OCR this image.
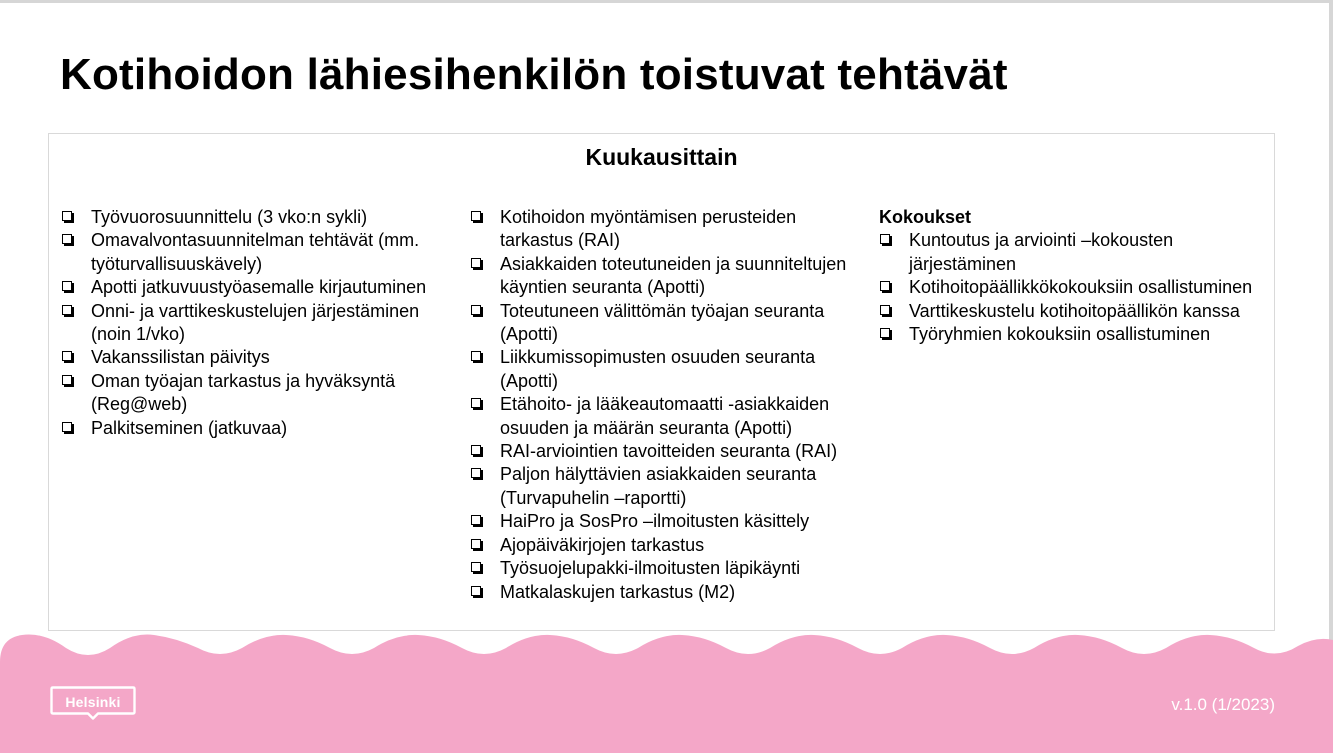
Kotihoidon lähiesihenkilön toistuvat tehtävät
Kuukausittain
Työvuorosuunnittelu (3 vko:n sykli)
Omavalvontasuunnitelman tehtävät (mm. työturvallisuuskävely)
Apotti jatkuvuustyöasemalle kirjautuminen
Onni- ja varttikeskustelujen järjestäminen (noin 1/vko)
Vakanssilistan päivitys
Oman työajan tarkastus ja hyväksyntä (Reg@web)
Palkitseminen (jatkuvaa)
Kotihoidon myöntämisen perusteiden tarkastus (RAI)
Asiakkaiden toteutuneiden ja suunniteltujen käyntien seuranta (Apotti)
Toteutuneen välittömän työajan seuranta (Apotti)
Liikkumissopimusten osuuden seuranta (Apotti)
Etähoito- ja lääkeautomaatti -asiakkaiden osuuden ja määrän seuranta (Apotti)
RAI-arviointien tavoitteiden seuranta (RAI)
Paljon hälyttävien asiakkaiden seuranta (Turvapuhelin –raportti)
HaiPro ja SosPro –ilmoitusten käsittely
Ajopäiväkirjojen tarkastus
Työsuojelupakki-ilmoitusten läpikäynti
Matkalaskujen tarkastus (M2)

Kokoukset

Kuntoutus ja arviointi –kokousten järjestäminen
Kotihoitopäällikkökokouksiin osallistuminen
Varttikeskustelu kotihoitopäällikön kanssa
Työryhmien kokouksiin osallistuminen
Helsinki	v.1.0 (1/2023)
